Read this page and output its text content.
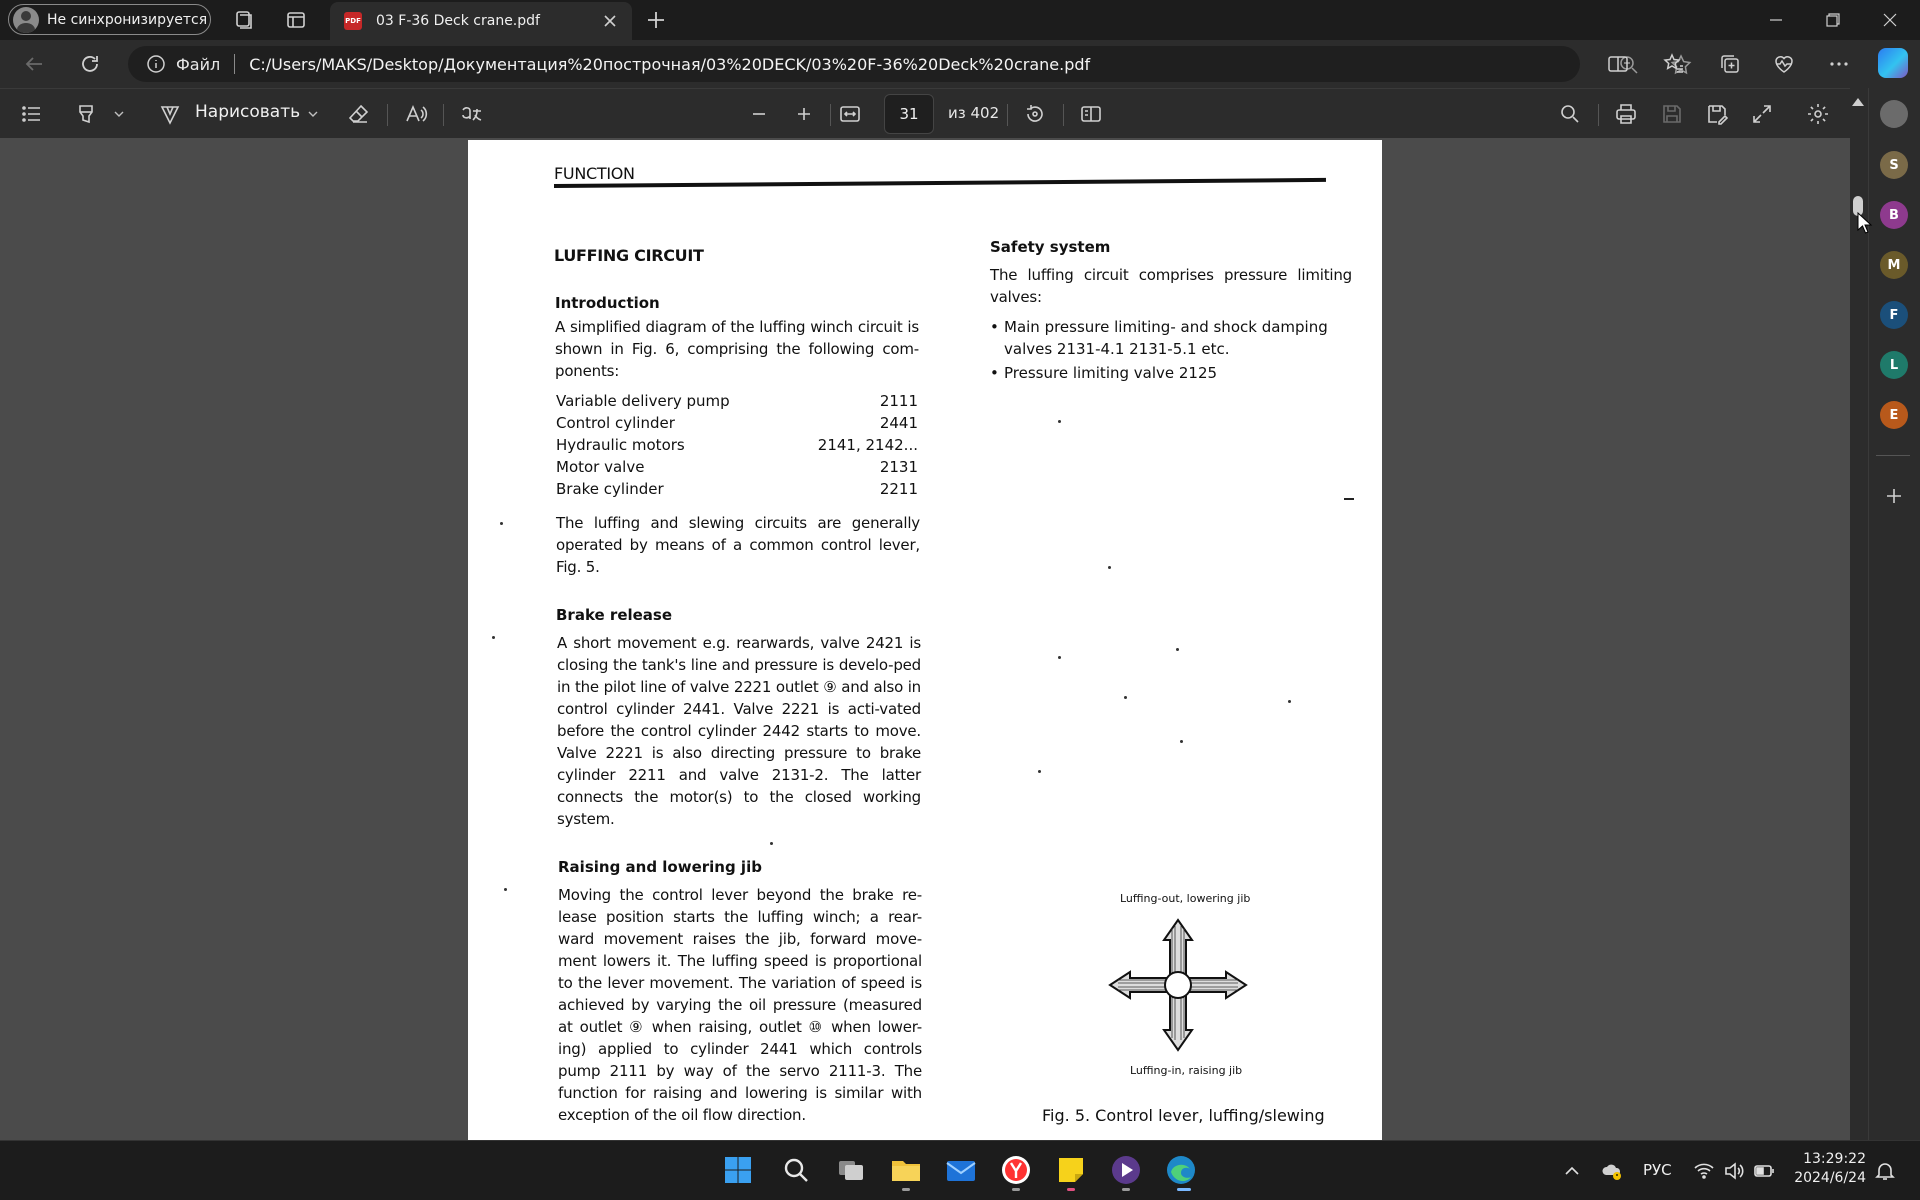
Не синхронизируется	PDF 03 F-36 Deck crane.pdf
Файл C:/Users/MAKS/Desktop/Документация%20построчная/03%20DECK/03%20F-36%20Deck%20crane.pdf
Нарисовать	31	из 402
FUNCTION
LUFFING CIRCUIT
Introduction
A simplified diagram of the luffing winch circuit is shown in Fig. 6, comprising the following com-ponents:
Variable delivery pump	2111
Control cylinder	2441
Hydraulic motors	2141, 2142...
Motor valve	2131
Brake cylinder	2211
The luffing and slewing circuits are generally operated by means of a common control lever, Fig. 5.
Brake release
A short movement e.g. rearwards, valve 2421 is closing the tank's line and pressure is develo-ped in the pilot line of valve 2221 outlet ⑨ and also in control cylinder 2441. Valve 2221 is acti-vated before the control cylinder 2442 starts to move. Valve 2221 is also directing pressure to brake cylinder 2211 and valve 2131-2. The latter connects the motor(s) to the closed working system.
Raising and lowering jib
Moving the control lever beyond the brake re-lease position starts the luffing winch; a rear-ward movement raises the jib, forward move-ment lowers it. The luffing speed is proportional to the lever movement. The variation of speed is achieved by varying the oil pressure (measured at outlet ⑨ when raising, outlet ⑩ when lower-ing) applied to cylinder 2441 which controls pump 2111 by way of the servo 2111-3. The function for raising and lowering is similar with exception of the oil flow direction.
Safety system
The luffing circuit comprises pressure limiting valves:
• Main pressure limiting- and shock damping valves 2131-4.1 2131-5.1 etc.
• Pressure limiting valve 2125
Luffing-out, lowering jib
Luffing-in, raising jib
Fig. 5. Control lever, luffing/slewing
S
B
M
F
L
E
РУС
13:29:22
2024/6/24
